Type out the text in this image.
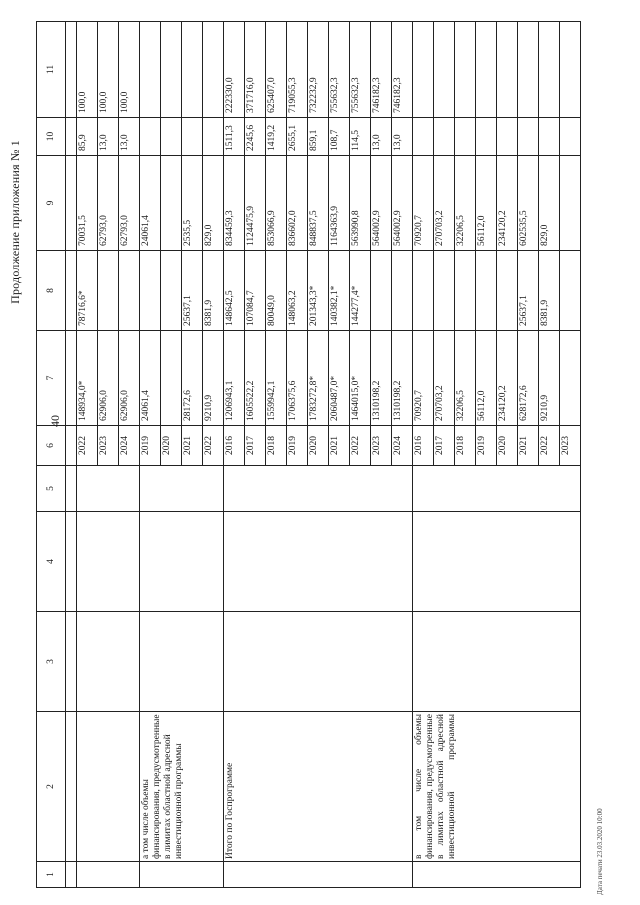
Продолжение приложения № 1
40
1	2	3	4	5	6	7	8	9	10	11

					2022	148934,0*	78716,6*	70031,5	85,9	100,0
					2023	62906,0		62793,0	13,0	100,0
					2024	62906,0		62793,0	13,0	100,0
	а том числе объемы финансирования, предусмотренные в лимитах областной адресной инвестиционной программы				2019	24061,4		24061,4		
					2020					
					2021	28172,6	25637,1	2535,5		
					2022	9210,9	8381,9	829,0		
	Итого по Госпрограмме				2016	1206943,1	148642,5	834459,3	1511,3	222330,0
					2017	1605522,2	107084,7	1124475,9	2245,6	371716,0
					2018	1559942,1	80049,0	853066,9	1419,2	625407,0
					2019	1706375,6	148063,2	836602,0	2655,1	719055,3
					2020	1783272,8*	201343,3*	848837,5	859,1	732232,9
					2021	2060487,0*	140382,1*	1164363,9	108,7	755632,3
					2022	1464015,0*	144277,4*	563990,8	114,5	755632,3
					2023	1310198,2		564002,9	13,0	746182,3
					2024	1310198,2		564002,9	13,0	746182,3
	в том числе объемы финансирования, предусмотренные в лимитах областной адресной инвестиционной программы				2016	70920,7		70920,7		
					2017	270703,2		270703,2		
					2018	32206,5		32206,5		
					2019	56112,0		56112,0		
					2020	234120,2		234120,2		
					2021	628172,6	25637,1	602535,5		
					2022	9210,9	8381,9	829,0		
					2023					
Дата печати 23.03.2020 10:00
